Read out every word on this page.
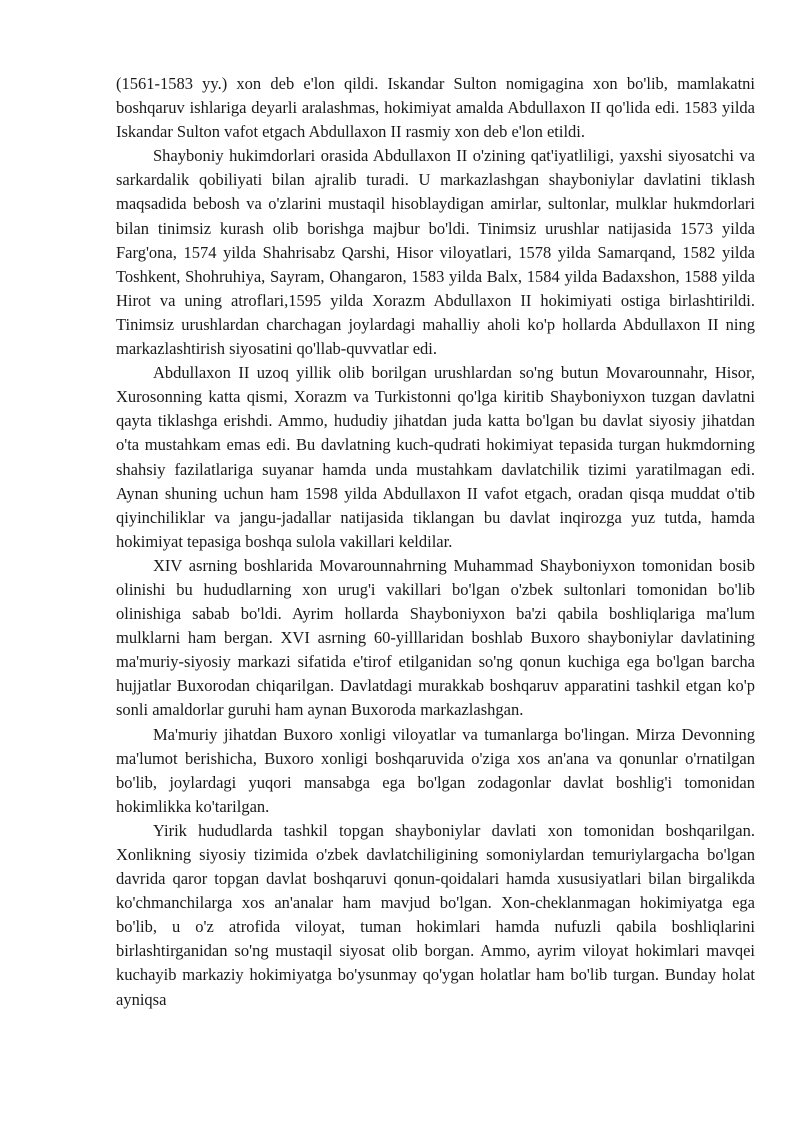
(1561-1583 yy.) xon deb e'lon qildi. Iskandar Sulton nomigagina xon bo'lib, mamlakatni boshqaruv ishlariga deyarli aralashmas, hokimiyat amalda Abdullaxon II qo'lida edi. 1583 yilda Iskandar Sulton vafot etgach Abdullaxon II rasmiy xon deb e'lon etildi.

Shayboniy hukimdorlari orasida Abdullaxon II o'zining qat'iyatliligi, yaxshi siyosatchi va sarkardalik qobiliyati bilan ajralib turadi. U markazlashgan shayboniylar davlatini tiklash maqsadida bebosh va o'zlarini mustaqil hisoblaydigan amirlar, sultonlar, mulklar hukmdorlari bilan tinimsiz kurash olib borishga majbur bo'ldi. Tinimsiz urushlar natijasida 1573 yilda Farg'ona, 1574 yilda Shahrisabz Qarshi, Hisor viloyatlari, 1578 yilda Samarqand, 1582 yilda Toshkent, Shohruhiya, Sayram, Ohangaron, 1583 yilda Balx, 1584 yilda Badaxshon, 1588 yilda Hirot va uning atroflari,1595 yilda Xorazm Abdullaxon II hokimiyati ostiga birlashtirildi. Tinimsiz urushlardan charchagan joylardagi mahalliy aholi ko'p hollarda Abdullaxon II ning markazlashtirish siyosatini qo'llab-quvvatlar edi.

Abdullaxon II uzoq yillik olib borilgan urushlardan so'ng butun Movarounnahr, Hisor, Xurosonning katta qismi, Xorazm va Turkistonni qo'lga kiritib Shayboniyxon tuzgan davlatni qayta tiklashga erishdi. Ammo, hududiy jihatdan juda katta bo'lgan bu davlat siyosiy jihatdan o'ta mustahkam emas edi. Bu davlatning kuch-qudrati hokimiyat tepasida turgan hukmdorning shahsiy fazilatlariga suyanar hamda unda mustahkam davlatchilik tizimi yaratilmagan edi. Aynan shuning uchun ham 1598 yilda Abdullaxon II vafot etgach, oradan qisqa muddat o'tib qiyinchiliklar va jangu-jadallar natijasida tiklangan bu davlat inqirozga yuz tutda, hamda hokimiyat tepasiga boshqa sulola vakillari keldilar.

XIV asrning boshlarida Movarounnahrning Muhammad Shayboniyxon tomonidan bosib olinishi bu hududlarning xon urug'i vakillari bo'lgan o'zbek sultonlari tomonidan bo'lib olinishiga sabab bo'ldi. Ayrim hollarda Shayboniyxon ba'zi qabila boshliqlariga ma'lum mulklarni ham bergan. XVI asrning 60-yilllaridan boshlab Buxoro shayboniylar davlatining ma'muriy-siyosiy markazi sifatida e'tirof etilganidan so'ng qonun kuchiga ega bo'lgan barcha hujjatlar Buxorodan chiqarilgan. Davlatdagi murakkab boshqaruv apparatini tashkil etgan ko'p sonli amaldorlar guruhi ham aynan Buxoroda markazlashgan.

Ma'muriy jihatdan Buxoro xonligi viloyatlar va tumanlarga bo'lingan. Mirza Devonning ma'lumot berishicha, Buxoro xonligi boshqaruvida o'ziga xos an'ana va qonunlar o'rnatilgan bo'lib, joylardagi yuqori mansabga ega bo'lgan zodagonlar davlat boshlig'i tomonidan hokimlikka ko'tarilgan.

Yirik hududlarda tashkil topgan shayboniylar davlati xon tomonidan boshqarilgan. Xonlikning siyosiy tizimida o'zbek davlatchiligining somoniylardan temuriylargacha bo'lgan davrida qaror topgan davlat boshqaruvi qonun-qoidalari hamda xususiyatlari bilan birgalikda ko'chmanchilarga xos an'analar ham mavjud bo'lgan. Xon-cheklanmagan hokimiyatga ega bo'lib, u o'z atrofida viloyat, tuman hokimlari hamda nufuzli qabila boshliqlarini birlashtirganidan so'ng mustaqil siyosat olib borgan. Ammo, ayrim viloyat hokimlari mavqei kuchayib markaziy hokimiyatga bo'ysunmay qo'ygan holatlar ham bo'lib turgan. Bunday holat ayniqsa
